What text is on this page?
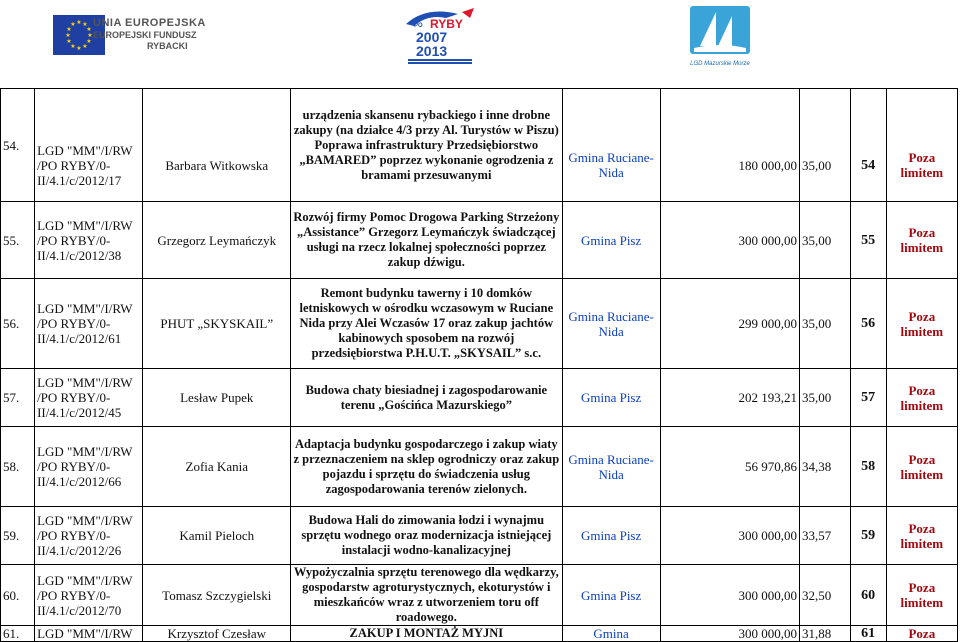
★ ★
★
★
★
★
★
★
★
★
★
★ UNIA EUROPEJSKA
EUROPEJSKI FUNDUSZ
RYBACKI
RYBY
PO
2007
2013
LGD Mazurskie Morze
54.	LGD "MM"/I/RW /PO RYBY/0-II/4.1/c/2012/17	Barbara Witkowska	urządzenia skansenu rybackiego i inne drobne zakupy (na działce 4/3 przy Al. Turystów w Piszu) Poprawa infrastruktury Przedsiębiorstwo „BAMARED” poprzez wykonanie ogrodzenia z bramami przesuwanymi	Gmina Ruciane-Nida	180 000,00	35,00	54	Poza limitem
55.	LGD "MM"/I/RW /PO RYBY/0-II/4.1/c/2012/38	Grzegorz Leymańczyk	Rozwój firmy Pomoc Drogowa Parking Strzeżony „Assistance” Grzegorz Leymańczyk świadczącej usługi na rzecz lokalnej społeczności poprzez zakup dźwigu.	Gmina Pisz	300 000,00	35,00	55	Poza limitem
56.	LGD "MM"/I/RW /PO RYBY/0-II/4.1/c/2012/61	PHUT „SKYSKAIL”	Remont budynku tawerny i 10 domków letniskowych w ośrodku wczasowym w Ruciane Nida przy Alei Wczasów 17 oraz zakup jachtów kabinowych sposobem na rozwój przedsiębiorstwa P.H.U.T. „SKYSAIL” s.c.	Gmina Ruciane-Nida	299 000,00	35,00	56	Poza limitem
57.	LGD "MM"/I/RW /PO RYBY/0-II/4.1/c/2012/45	Lesław Pupek	Budowa chaty biesiadnej i zagospodarowanie terenu „Gościńca Mazurskiego”	Gmina Pisz	202 193,21	35,00	57	Poza limitem
58.	LGD "MM"/I/RW /PO RYBY/0-II/4.1/c/2012/66	Zofia Kania	Adaptacja budynku gospodarczego i zakup wiaty z przeznaczeniem na sklep ogrodniczy oraz zakup pojazdu i sprzętu do świadczenia usług zagospodarowania terenów zielonych.	Gmina Ruciane-Nida	56 970,86	34,38	58	Poza limitem
59.	LGD "MM"/I/RW /PO RYBY/0-II/4.1/c/2012/26	Kamil Pieloch	Budowa Hali do zimowania łodzi i wynajmu sprzętu wodnego oraz modernizacja istniejącej instalacji wodno-kanalizacyjnej	Gmina Pisz	300 000,00	33,57	59	Poza limitem
60.	LGD "MM"/I/RW /PO RYBY/0-II/4.1/c/2012/70	Tomasz Szczygielski	Wypożyczalnia sprzętu terenowego dla wędkarzy, gospodarstw agroturystycznych, ekoturystów i mieszkańców wraz z utworzeniem toru off roadowego.	Gmina Pisz	300 000,00	32,50	60	Poza limitem
61.	LGD "MM"/I/RW	Krzysztof Czesław	ZAKUP I MONTAŻ MYJNI	Gmina	300 000,00	31,88	61	Poza
